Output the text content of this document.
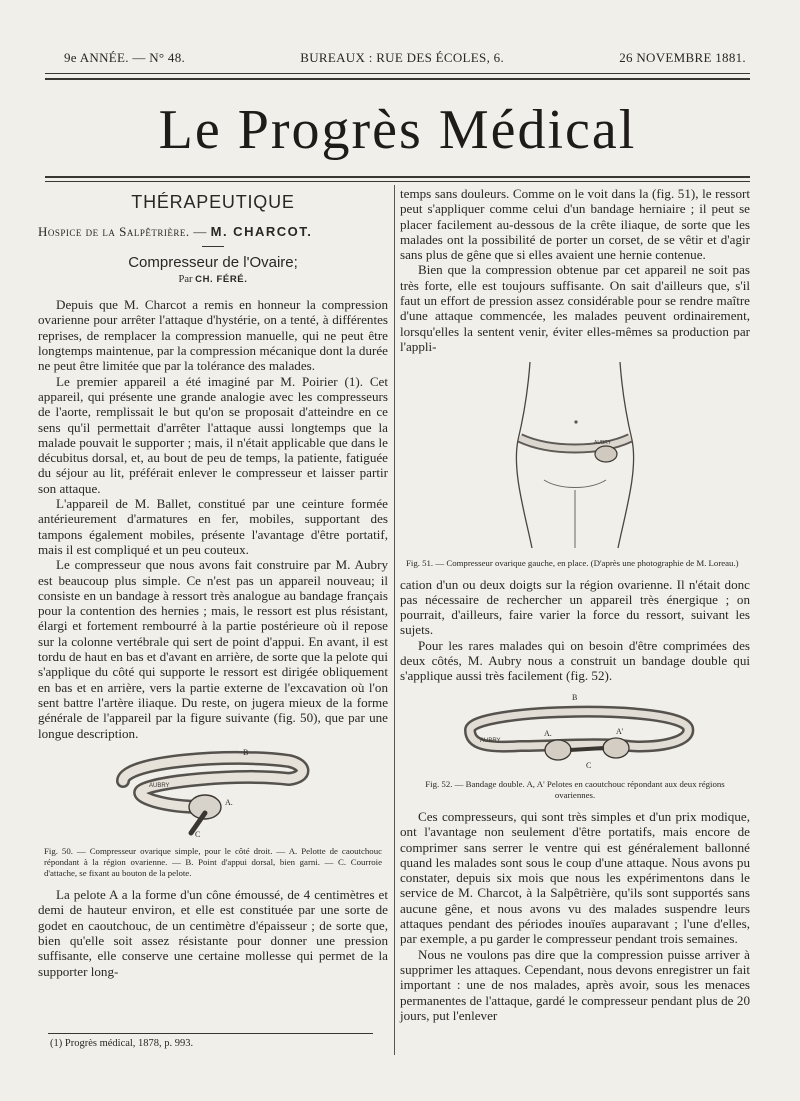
9e ANNÉE. — N° 48.	BUREAUX : RUE DES ÉCOLES, 6.	26 NOVEMBRE 1881.
Le Progrès Médical
THÉRAPEUTIQUE

Hospice de la Salpêtrière. — M. CHARCOT.

Compresseur de l'Ovaire;
Par CH. FÉRÉ.

Depuis que M. Charcot a remis en honneur la compression ovarienne pour arrêter l'attaque d'hystérie, on a tenté, à différentes reprises, de remplacer la compression manuelle, qui ne peut être longtemps maintenue, par la compression mécanique dont la durée ne peut être limitée que par la tolérance des malades.

Le premier appareil a été imaginé par M. Poirier (1). Cet appareil, qui présente une grande analogie avec les compresseurs de l'aorte, remplissait le but qu'on se proposait d'atteindre en ce sens qu'il permettait d'arrêter l'attaque aussi longtemps que la malade pouvait le supporter ; mais, il n'était applicable que dans le décubitus dorsal, et, au bout de peu de temps, la patiente, fatiguée du séjour au lit, préférait enlever le compresseur et laisser partir son attaque.

L'appareil de M. Ballet, constitué par une ceinture formée antérieurement d'armatures en fer, mobiles, supportant des tampons également mobiles, présente l'avantage d'être portatif, mais il est compliqué et un peu couteux.

Le compresseur que nous avons fait construire par M. Aubry est beaucoup plus simple. Ce n'est pas un appareil nouveau; il consiste en un bandage à ressort très analogue au bandage français pour la contention des hernies ; mais, le ressort est plus résistant, élargi et fortement rembourré à la partie postérieure où il repose sur la colonne vertébrale qui sert de point d'appui. En avant, il est tordu de haut en bas et d'avant en arrière, de sorte que la pelote qui s'applique du côté qui supporte le ressort est dirigée obliquement en bas et en arrière, vers la partie externe de l'excavation où l'on sent battre l'artère iliaque. Du reste, on jugera mieux de la forme générale de l'appareil par la figure suivante (fig. 50), que par une longue description.

AUBRY
B
A.
C

Fig. 50. — Compresseur ovarique simple, pour le côté droit. — A. Pelotte de caoutchouc répondant à la région ovarienne. — B. Point d'appui dorsal, bien garni. — C. Courroie d'attache, se fixant au bouton de la pelote.

La pelote A a la forme d'un cône émoussé, de 4 centimètres et demi de hauteur environ, et elle est constituée par une sorte de godet en caoutchouc, de un centimètre d'épaisseur ; de sorte que, bien qu'elle soit assez résistante pour donner une pression suffisante, elle conserve une certaine mollesse qui permet de la supporter long-

(1) Progrès médical, 1878, p. 993.

temps sans douleurs. Comme on le voit dans la (fig. 51), le ressort peut s'appliquer comme celui d'un bandage herniaire ; il peut se placer facilement au-dessous de la crête iliaque, de sorte que les malades ont la possibilité de porter un corset, de se vêtir et d'agir sans plus de gêne que si elles avaient une hernie contenue.

Bien que la compression obtenue par cet appareil ne soit pas très forte, elle est toujours suffisante. On sait d'ailleurs que, s'il faut un effort de pression assez considérable pour se rendre maître d'une attaque commencée, les malades peuvent ordinairement, lorsqu'elles la sentent venir, éviter elles-mêmes sa production par l'appli-

AUBRY

Fig. 51. — Compresseur ovarique gauche, en place. (D'après une photographie de M. Loreau.)

cation d'un ou deux doigts sur la région ovarienne. Il n'était donc pas nécessaire de rechercher un appareil très énergique ; on pourrait, d'ailleurs, faire varier la force du ressort, suivant les sujets.

Pour les rares malades qui on besoin d'être comprimées des deux côtés, M. Aubry nous a construit un bandage double qui s'applique aussi très facilement (fig. 52).

AUBRY
B
A.	A'
C

Fig. 52. — Bandage double. A, A' Pelotes en caoutchouc répondant aux deux régions ovariennes.

Ces compresseurs, qui sont très simples et d'un prix modique, ont l'avantage non seulement d'être portatifs, mais encore de comprimer sans serrer le ventre qui est généralement ballonné quand les malades sont sous le coup d'une attaque. Nous avons pu constater, depuis six mois que nous les expérimentons dans le service de M. Charcot, à la Salpêtrière, qu'ils sont supportés sans aucune gêne, et nous avons vu des malades suspendre leurs attaques pendant des périodes inouïes auparavant ; l'une d'elles, par exemple, a pu garder le compresseur pendant trois semaines.

Nous ne voulons pas dire que la compression puisse arriver à supprimer les attaques. Cependant, nous devons enregistrer un fait important : une de nos malades, après avoir, sous les menaces permanentes de l'attaque, gardé le compresseur pendant plus de 20 jours, put l'enlever
